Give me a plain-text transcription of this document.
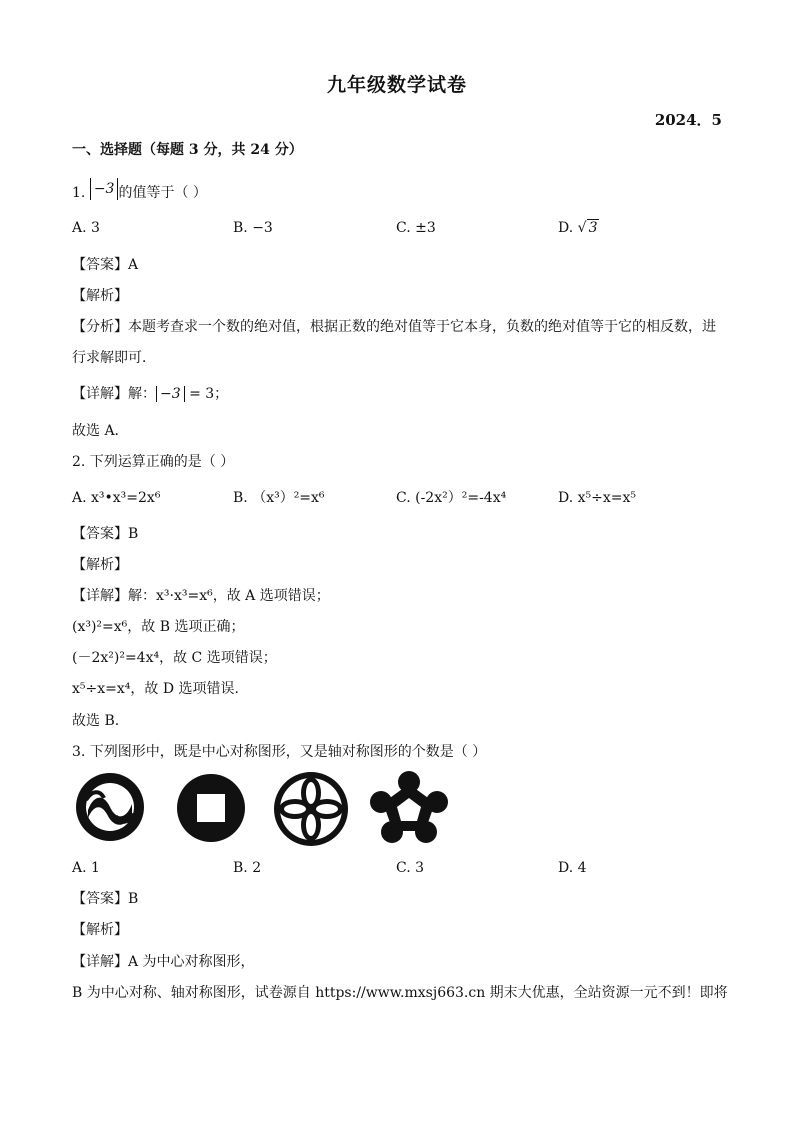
九年级数学试卷
2024．5
一、选择题（每题 3 分，共 24 分）
1. −3 的值等于（ ）
A. 3	B. −3	C. ±3	D. √ 3
【答案】A
【解析】
【分析】本题考查求一个数的绝对值，根据正数的绝对值等于它本身，负数的绝对值等于它的相反数，进
行求解即可．
【详解】解： −3 = 3；
故选 A．
2. 下列运算正确的是（ ）
A. x³•x³=2x⁶	B. （x³）²=x⁶	C. (-2x²）²=-4x⁴	D. x⁵÷x=x⁵
【答案】B
【解析】
【详解】解：x³·x³=x⁶，故 A 选项错误；
(x³)²=x⁶，故 B 选项正确；
(－2x²)²=4x⁴，故 C 选项错误；
x⁵÷x=x⁴，故 D 选项错误.
故选 B.
3. 下列图形中，既是中心对称图形，又是轴对称图形的个数是（ ）
A. 1	B. 2	C. 3	D. 4
【答案】B
【解析】
【详解】A 为中心对称图形，
B 为中心对称、轴对称图形，试卷源自 https://www.mxsj663.cn 期末大优惠，全站资源一元不到！即将
